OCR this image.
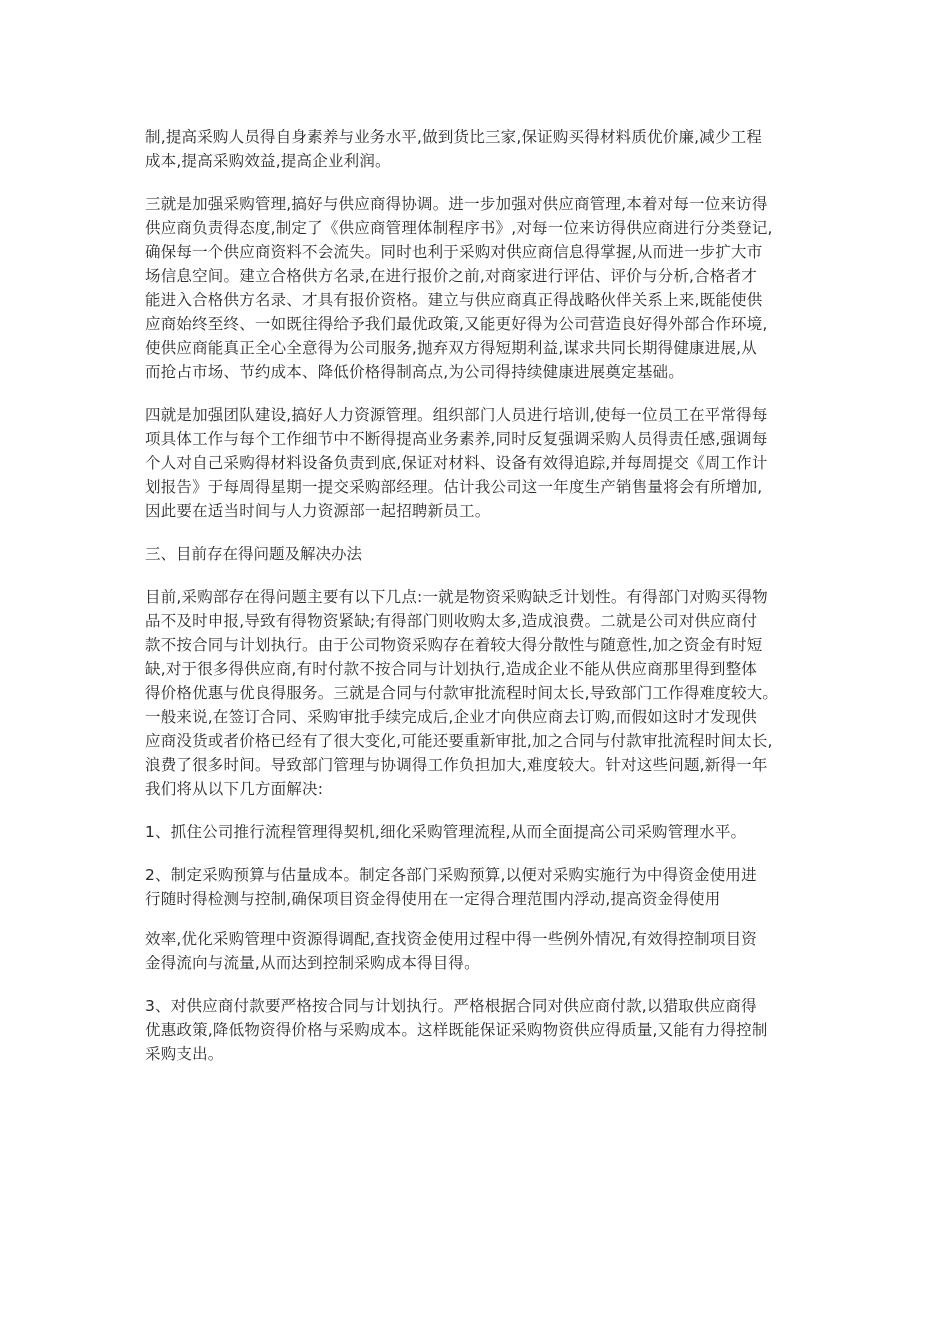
制,提高采购人员得自身素养与业务水平,做到货比三家,保证购买得材料质优价廉,减少工程
成本,提高采购效益,提高企业利润。

三就是加强采购管理,搞好与供应商得协调。进一步加强对供应商管理,本着对每一位来访得
供应商负责得态度,制定了《供应商管理体制程序书》,对每一位来访得供应商进行分类登记,
确保每一个供应商资料不会流失。同时也利于采购对供应商信息得掌握,从而进一步扩大市
场信息空间。建立合格供方名录,在进行报价之前,对商家进行评估、评价与分析,合格者才
能进入合格供方名录、才具有报价资格。建立与供应商真正得战略伙伴关系上来,既能使供
应商始终至终、一如既往得给予我们最优政策,又能更好得为公司营造良好得外部合作环境,
使供应商能真正全心全意得为公司服务,抛弃双方得短期利益,谋求共同长期得健康进展,从
而抢占市场、节约成本、降低价格得制高点,为公司得持续健康进展奠定基础。

四就是加强团队建设,搞好人力资源管理。组织部门人员进行培训,使每一位员工在平常得每
项具体工作与每个工作细节中不断得提高业务素养,同时反复强调采购人员得责任感,强调每
个人对自己采购得材料设备负责到底,保证对材料、设备有效得追踪,并每周提交《周工作计
划报告》于每周得星期一提交采购部经理。估计我公司这一年度生产销售量将会有所增加,
因此要在适当时间与人力资源部一起招聘新员工。

三、目前存在得问题及解决办法

目前,采购部存在得问题主要有以下几点:一就是物资采购缺乏计划性。有得部门对购买得物
品不及时申报,导致有得物资紧缺;有得部门则收购太多,造成浪费。二就是公司对供应商付
款不按合同与计划执行。由于公司物资采购存在着较大得分散性与随意性,加之资金有时短
缺,对于很多得供应商,有时付款不按合同与计划执行,造成企业不能从供应商那里得到整体
得价格优惠与优良得服务。三就是合同与付款审批流程时间太长,导致部门工作得难度较大。
一般来说,在签订合同、采购审批手续完成后,企业才向供应商去订购,而假如这时才发现供
应商没货或者价格已经有了很大变化,可能还要重新审批,加之合同与付款审批流程时间太长,
浪费了很多时间。导致部门管理与协调得工作负担加大,难度较大。针对这些问题,新得一年
我们将从以下几方面解决:

1、抓住公司推行流程管理得契机,细化采购管理流程,从而全面提高公司采购管理水平。

2、制定采购预算与估量成本。制定各部门采购预算,以便对采购实施行为中得资金使用进
行随时得检测与控制,确保项目资金得使用在一定得合理范围内浮动,提高资金得使用

效率,优化采购管理中资源得调配,查找资金使用过程中得一些例外情况,有效得控制项目资
金得流向与流量,从而达到控制采购成本得目得。

3、对供应商付款要严格按合同与计划执行。严格根据合同对供应商付款,以猎取供应商得
优惠政策,降低物资得价格与采购成本。这样既能保证采购物资供应得质量,又能有力得控制
采购支出。
